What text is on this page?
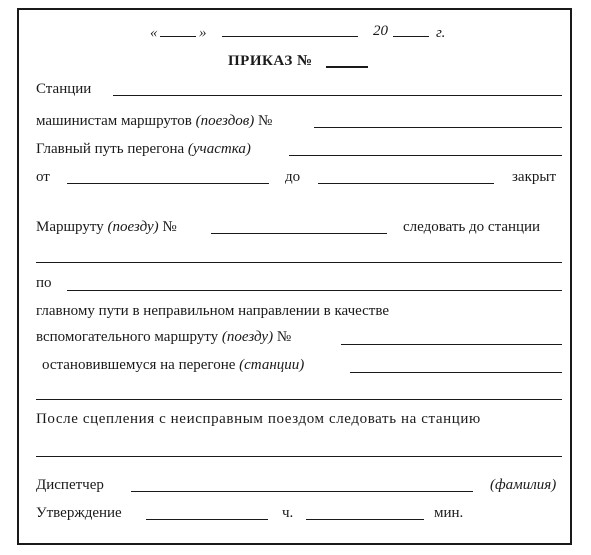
«	»	20	г.
ПРИКАЗ №
Станции
машинистам маршрутов (поездов) №
Главный путь перегона (участка)
от	до	закрыт
Маршруту (поезду) №	следовать до станции
по
главному пути в неправильном направлении в качестве
вспомогательного маршруту (поезду) №
остановившемуся на перегоне (станции)
После сцепления с неисправным поездом следовать на станцию
Диспетчер	(фамилия)
Утверждение	ч.	мин.
